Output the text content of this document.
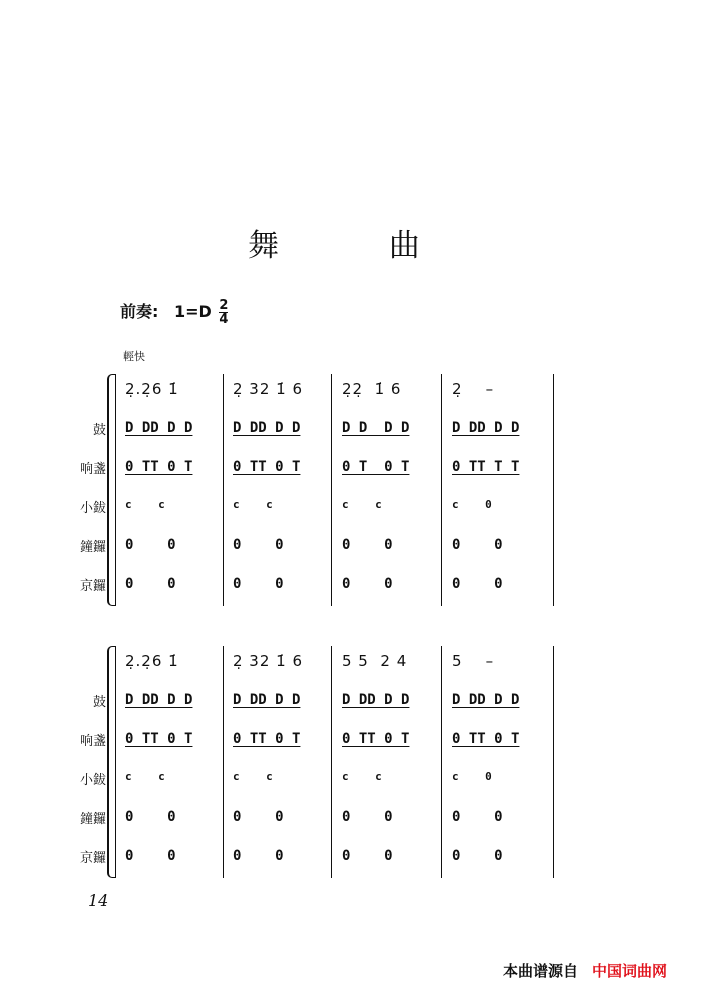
舞 曲
前奏: $1=D \frac{2}{4}$
輕快
鼓
响盞
小鈸
鐘鑼
京鑼
2̣.2̣6 1̇	2̣ 32 1̇ 6	2̣2̣  1̇ 6	2̣    –
D DD D D	D DD D D	D D  D D	D DD D D
0 TT 0 T	0 TT 0 T	0 T  0 T	0 TT T T
c    c	c    c	c    c	c    0
0    0	0    0	0    0	0    0
0    0	0    0	0    0	0    0
鼓
响盞
小鈸
鐘鑼
京鑼
2̣.2̣6 1̇	2̣ 32 1̇ 6	5 5  2 4	5    –
D DD D D	D DD D D	D DD D D	D DD D D
0 TT 0 T	0 TT 0 T	0 TT 0 T	0 TT 0 T
c    c	c    c	c    c	c    0
0    0	0    0	0    0	0    0
0    0	0    0	0    0	0    0
14
本曲谱源自 中国词曲网
